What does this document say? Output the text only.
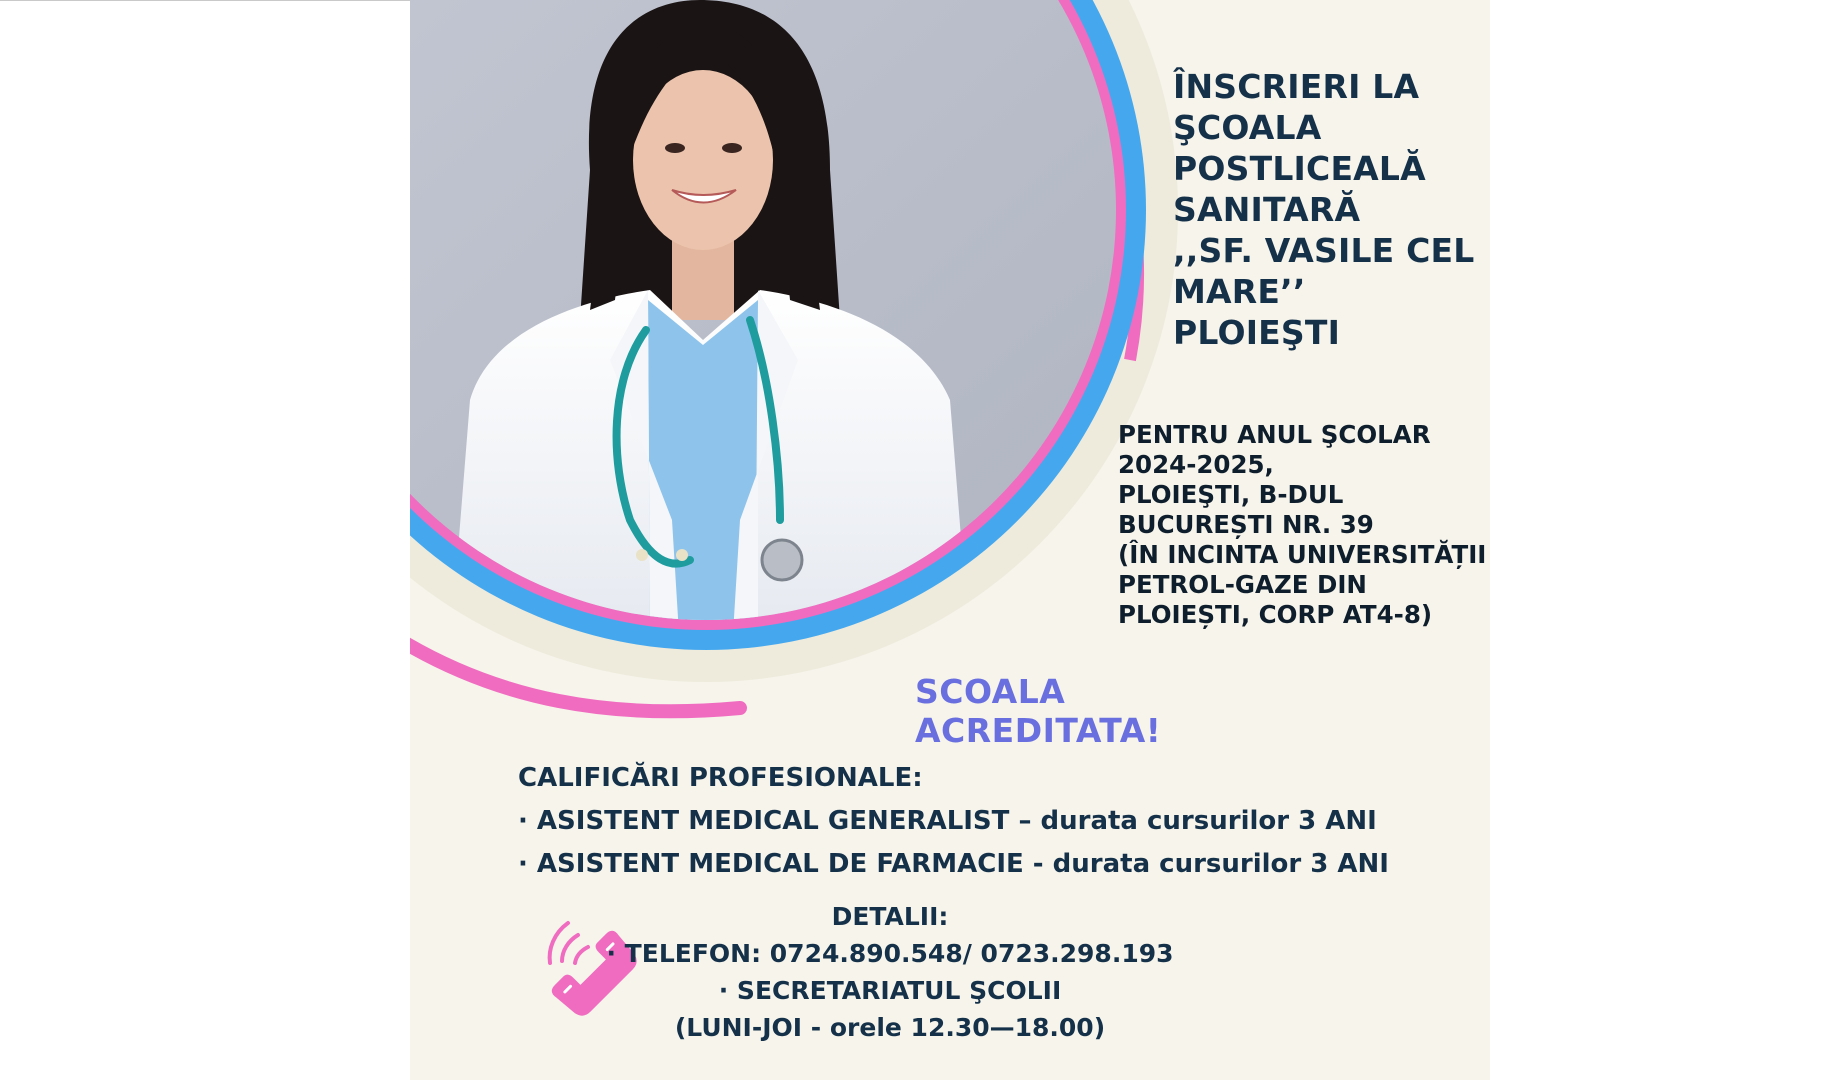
ÎNSCRIERI LA
ŞCOALA
POSTLICEALĂ
SANITARĂ
,,SF. VASILE CEL
MARE’’ PLOIEŞTI
PENTRU ANUL ŞCOLAR
2024-2025,
PLOIEŞTI, B-DUL
BUCUREȘTI NR. 39
(ÎN INCINTA UNIVERSITĂȚII
PETROL-GAZE DIN
PLOIEȘTI, CORP AT4-8)
SCOALA ACREDITATA!
CALIFICĂRI PROFESIONALE:
· ASISTENT MEDICAL GENERALIST – durata cursurilor 3 ANI
· ASISTENT MEDICAL DE FARMACIE - durata cursurilor 3 ANI
DETALII:
· TELEFON: 0724.890.548/ 0723.298.193
· SECRETARIATUL ŞCOLII
(LUNI-JOI - orele 12.30—18.00)
